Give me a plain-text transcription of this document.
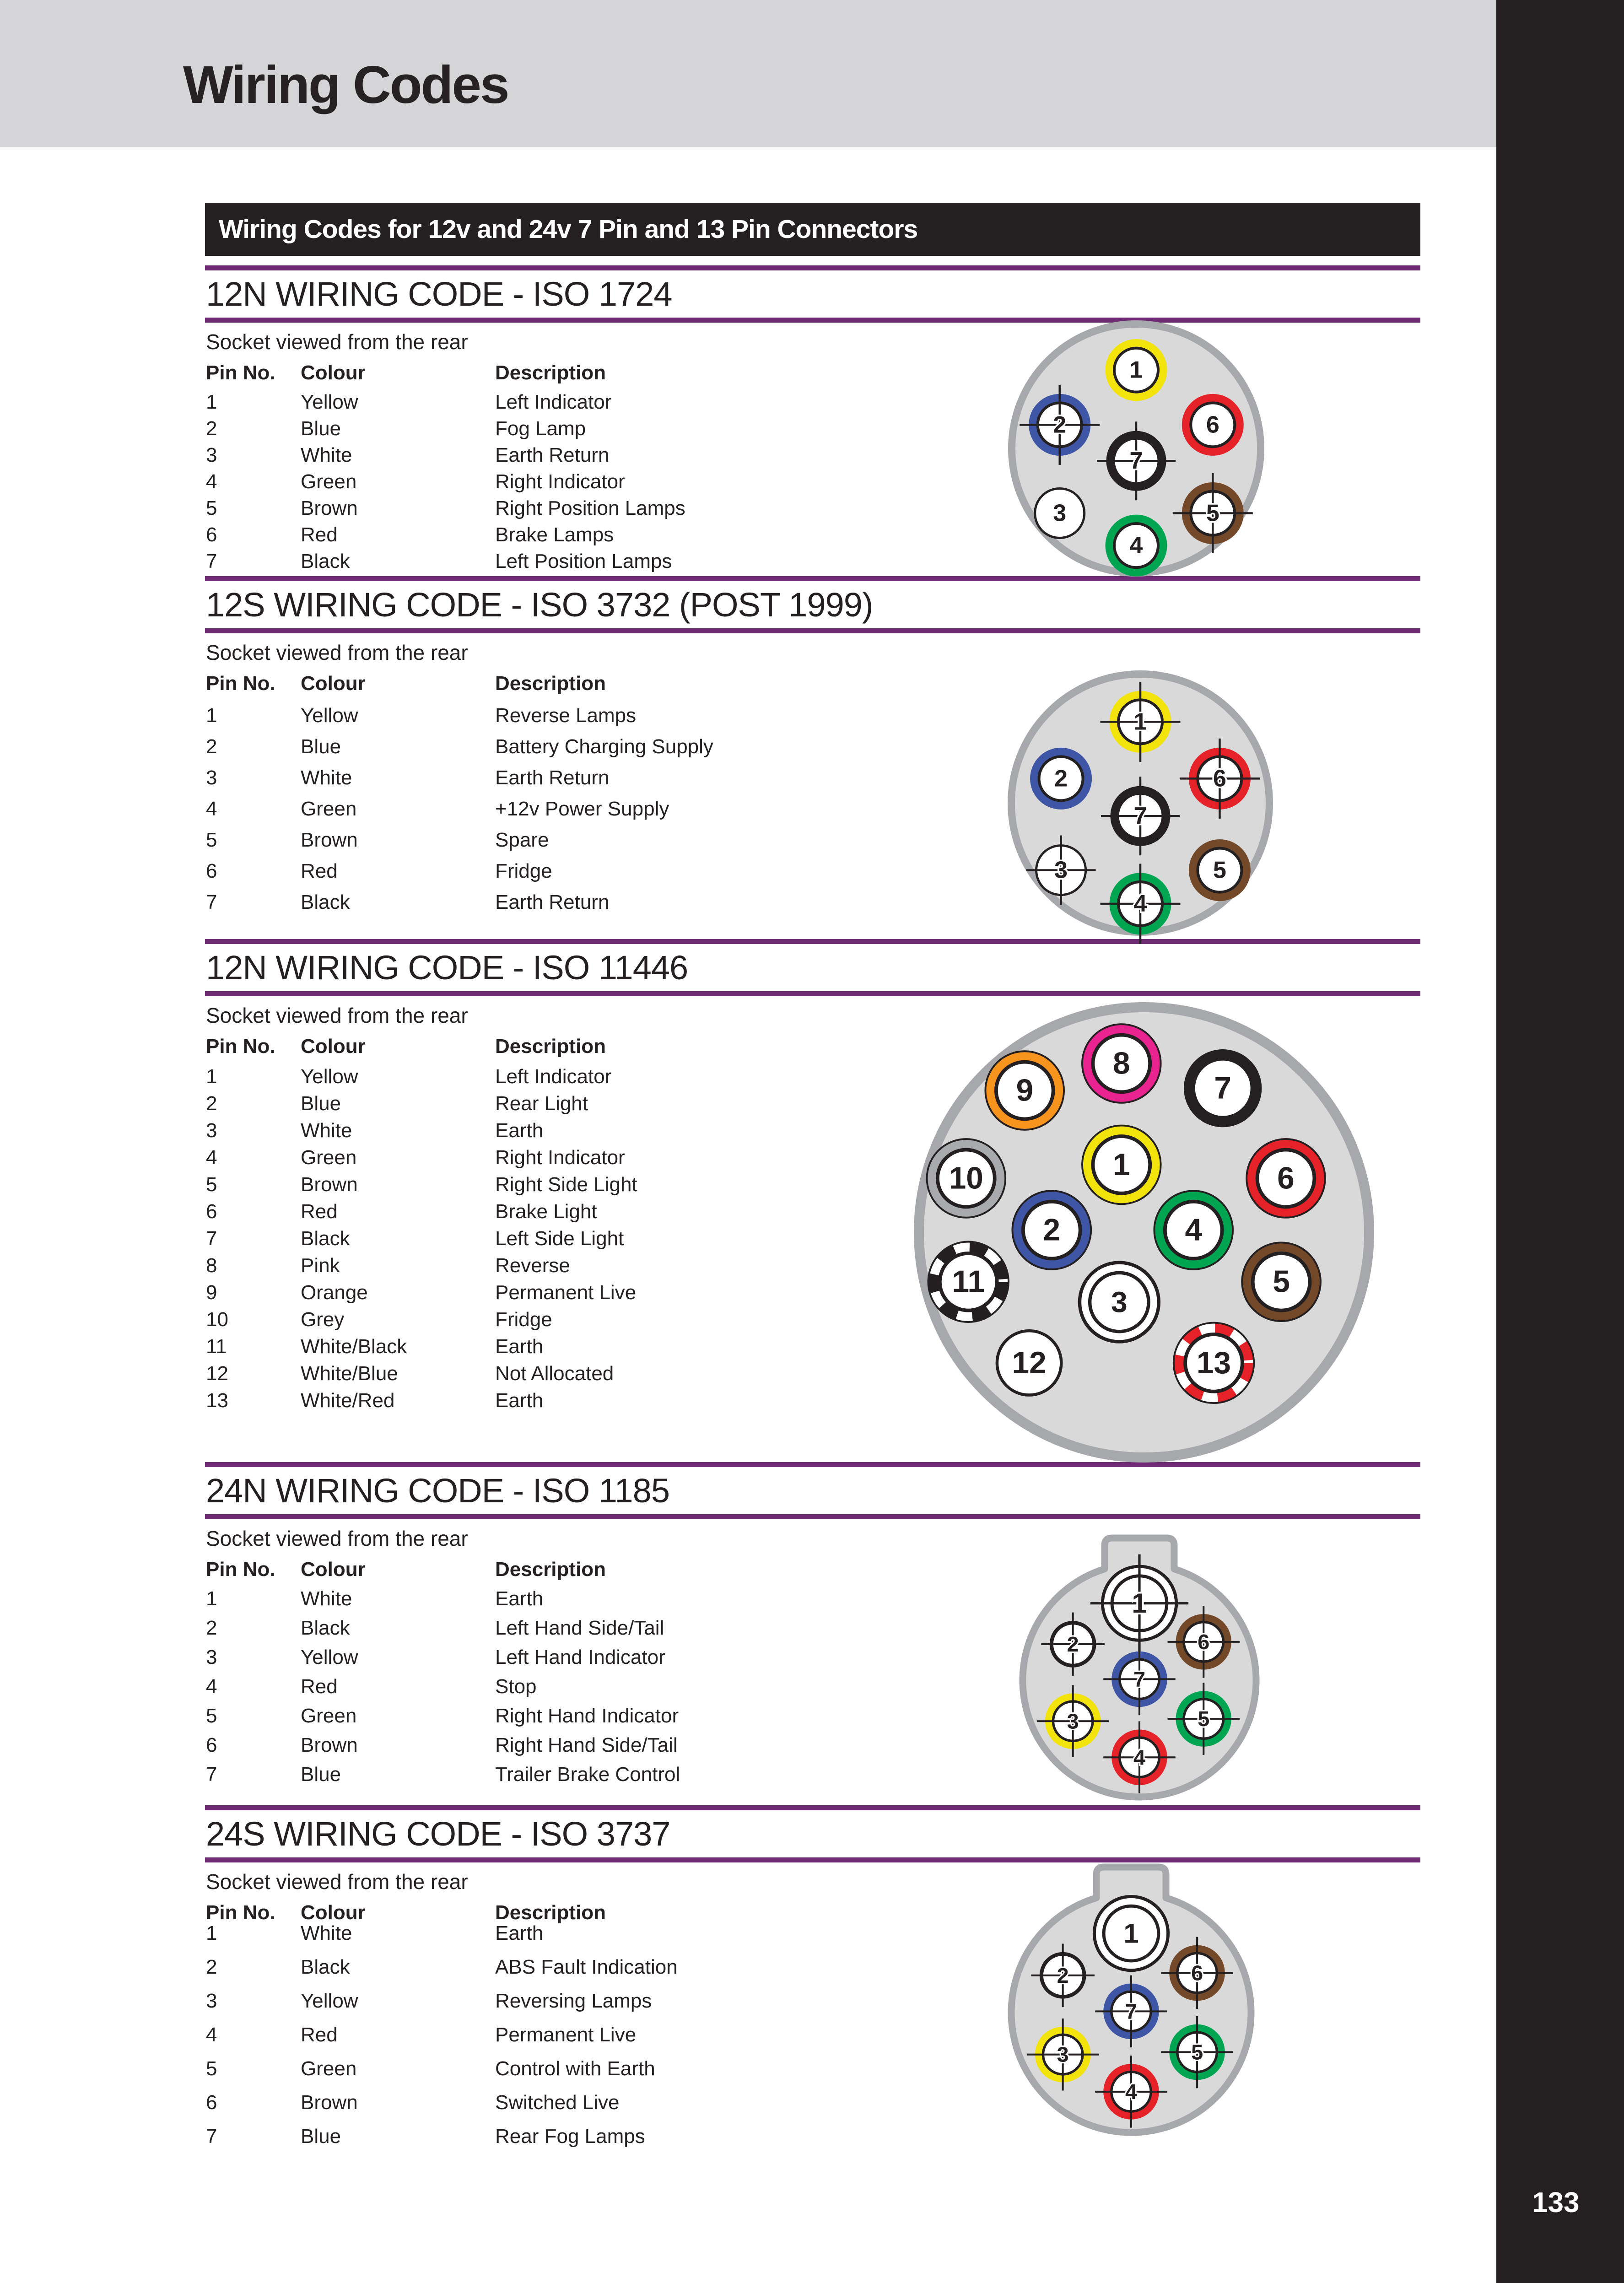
Wiring Codes
Wiring Codes for 12v and 24v 7 Pin and 13 Pin Connectors
12N WIRING CODE - ISO 1724
Socket viewed from the rear
Pin No. Colour	Description
1	Yellow	Left Indicator
2	Blue	Fog Lamp
3	White	Earth Return
4	Green	Right Indicator
5	Brown	Right Position Lamps
6	Red	Brake Lamps
7	Black	Left Position Lamps
12S WIRING CODE - ISO 3732 (POST 1999)
Socket viewed from the rear
Pin No. Colour	Description
1	Yellow	Reverse Lamps
2	Blue	Battery Charging Supply
3	White	Earth Return
4	Green	+12v Power Supply
5	Brown	Spare
6	Red	Fridge
7	Black	Earth Return
12N WIRING CODE - ISO 11446
Socket viewed from the rear
Pin No. Colour	Description
1	Yellow	Left Indicator
2	Blue	Rear Light
3	White	Earth
4	Green	Right Indicator
5	Brown	Right Side Light
6	Red	Brake Light
7	Black	Left Side Light
8	Pink	Reverse
9	Orange	Permanent Live
10	Grey	Fridge
11	White/Black	Earth
12	White/Blue	Not Allocated
13	White/Red	Earth
24N WIRING CODE - ISO 1185
Socket viewed from the rear
Pin No. Colour	Description
1	White	Earth
2	Black	Left Hand Side/Tail
3	Yellow	Left Hand Indicator
4	Red	Stop
5	Green	Right Hand Indicator
6	Brown	Right Hand Side/Tail
7	Blue	Trailer Brake Control
24S WIRING CODE - ISO 3737
Socket viewed from the rear
Pin No. Colour	Description
1	White	Earth
2	Black	ABS Fault Indication
3	Yellow	Reversing Lamps
4	Red	Permanent Live
5	Green	Control with Earth
6	Brown	Switched Live
7	Blue	Rear Fog Lamps
1
2	6
7
3	5
4
1
2	6
7
3	5
4
8
9	7
1
10	6
2	4
11
3
5
12	13
1
2	6
7
3	5
4
1
2	6
7
3	5
4
133
